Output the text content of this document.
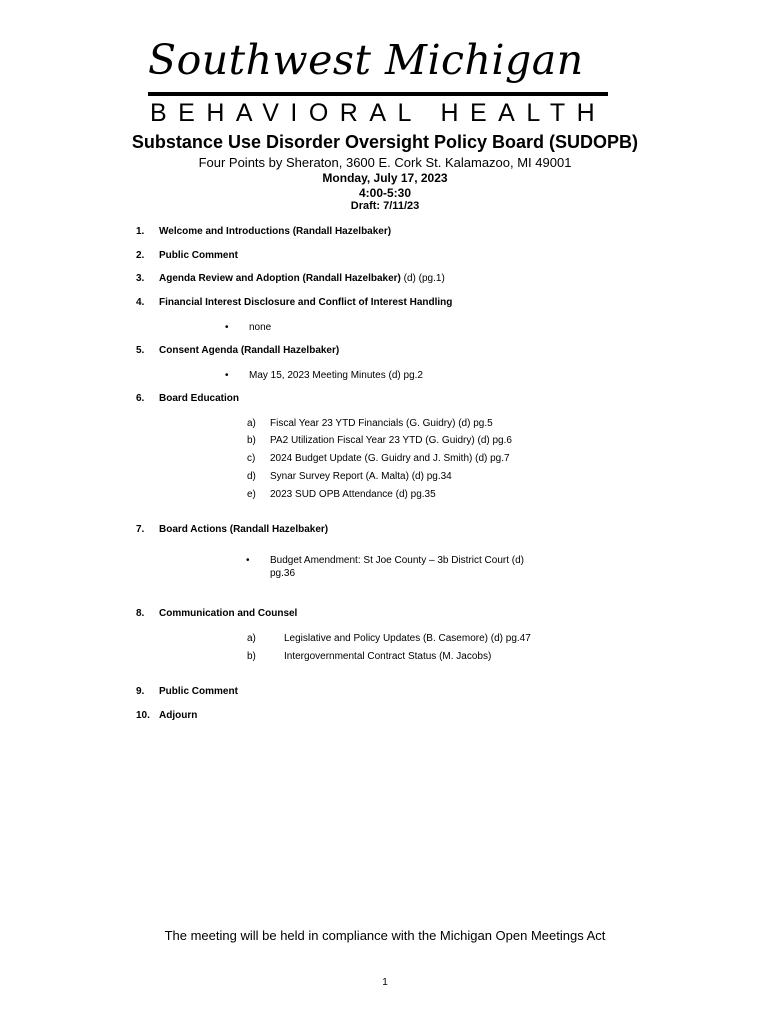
Southwest Michigan
BEHAVIORAL HEALTH
Substance Use Disorder Oversight Policy Board (SUDOPB)
Four Points by Sheraton, 3600 E. Cork St. Kalamazoo, MI 49001
Monday, July 17, 2023
4:00-5:30
Draft: 7/11/23
1. Welcome and Introductions (Randall Hazelbaker)
2. Public Comment
3. Agenda Review and Adoption (Randall Hazelbaker) (d) (pg.1)
4. Financial Interest Disclosure and Conflict of Interest Handling
• none
5. Consent Agenda (Randall Hazelbaker)
• May 15, 2023 Meeting Minutes (d) pg.2
6. Board Education
a) Fiscal Year 23 YTD Financials (G. Guidry) (d) pg.5
b) PA2 Utilization Fiscal Year 23 YTD (G. Guidry) (d) pg.6
c) 2024 Budget Update (G. Guidry and J. Smith) (d) pg.7
d) Synar Survey Report (A. Malta) (d) pg.34
e) 2023 SUD OPB Attendance (d) pg.35
7. Board Actions (Randall Hazelbaker)
• Budget Amendment: St Joe County – 3b District Court (d)
pg.36
8. Communication and Counsel
a)	Legislative and Policy Updates (B. Casemore) (d) pg.47
b)	Intergovernmental Contract Status (M. Jacobs)
9. Public Comment
10. Adjourn
The meeting will be held in compliance with the Michigan Open Meetings Act
1
